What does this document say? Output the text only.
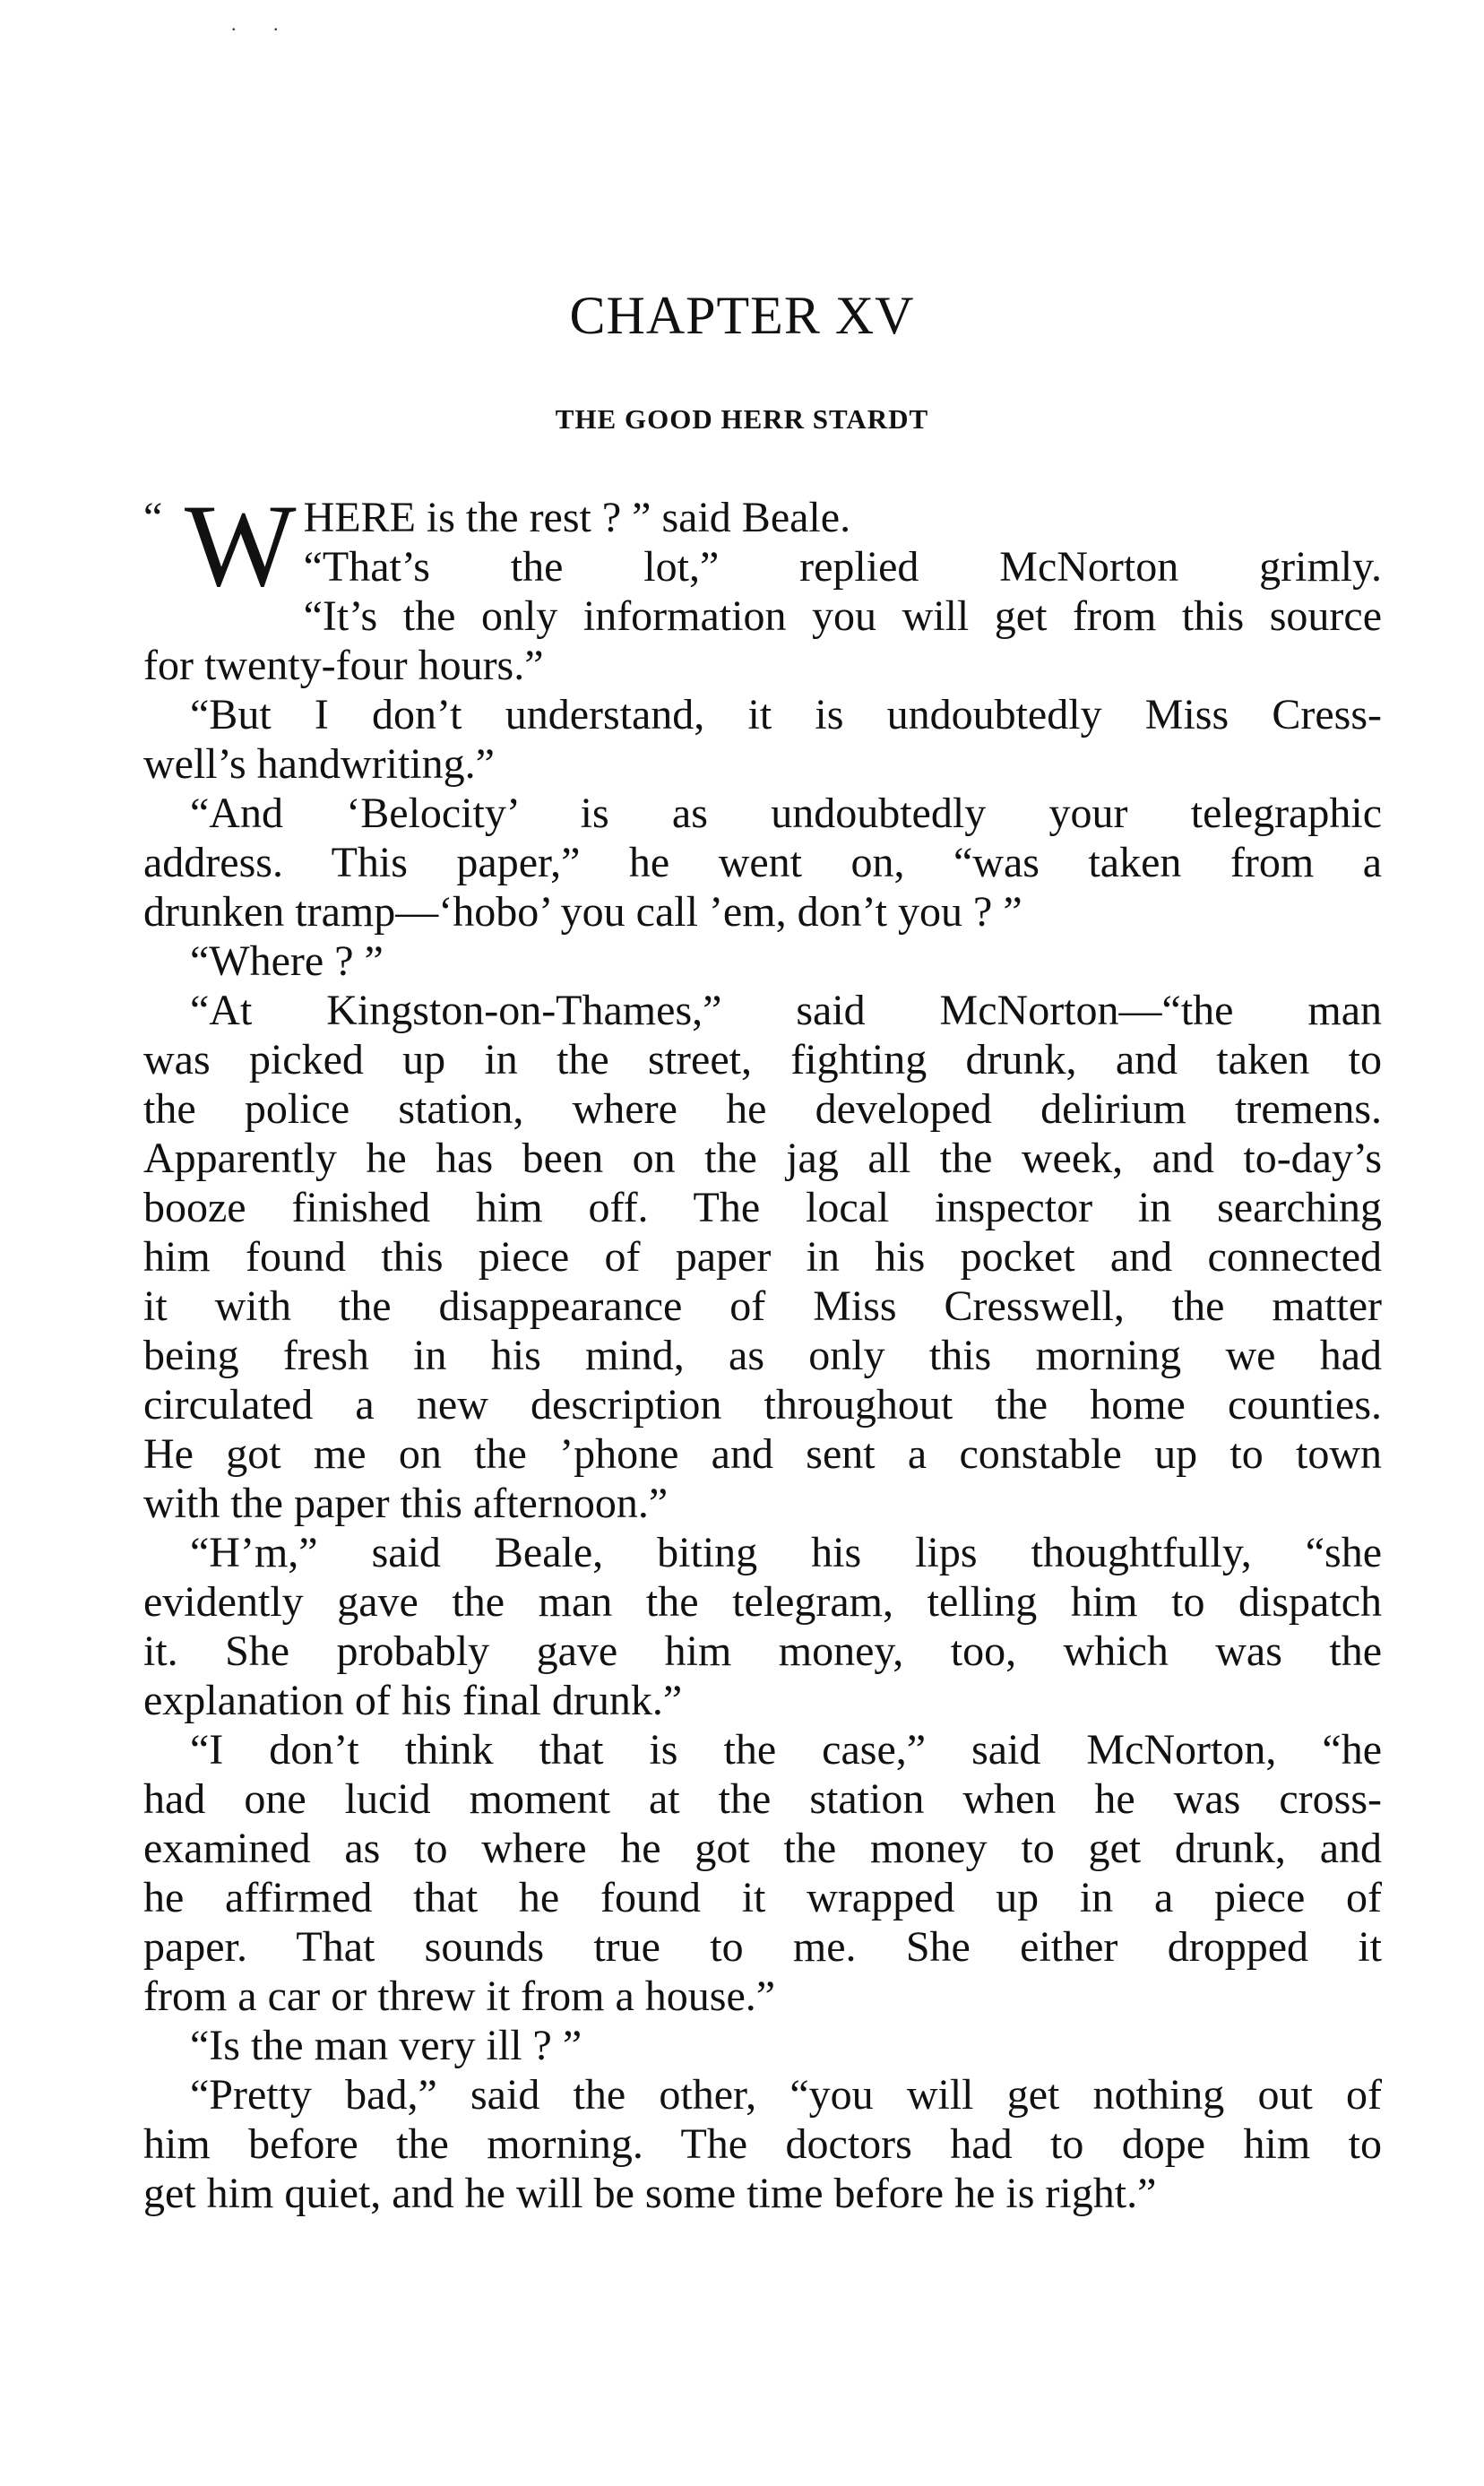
. .
CHAPTER XV
THE GOOD HERR STARDT
“ W HERE is the rest ? ” said Beale.
“That’s the lot,” replied McNorton grimly.
“It’s the only information you will get from this source
for twenty-four hours.”
“But I don’t understand, it is undoubtedly Miss Cress-
well’s handwriting.”
“And ‘Belocity’ is as undoubtedly your telegraphic
address. This paper,” he went on, “was taken from a
drunken tramp—‘hobo’ you call ’em, don’t you ? ”
“Where ? ”
“At Kingston-on-Thames,” said McNorton—“the man
was picked up in the street, fighting drunk, and taken to
the police station, where he developed delirium tremens.
Apparently he has been on the jag all the week, and to-day’s
booze finished him off. The local inspector in searching
him found this piece of paper in his pocket and connected
it with the disappearance of Miss Cresswell, the matter
being fresh in his mind, as only this morning we had
circulated a new description throughout the home counties.
He got me on the ’phone and sent a constable up to town
with the paper this afternoon.”
“H’m,” said Beale, biting his lips thoughtfully, “she
evidently gave the man the telegram, telling him to dispatch
it. She probably gave him money, too, which was the
explanation of his final drunk.”
“I don’t think that is the case,” said McNorton, “he
had one lucid moment at the station when he was cross-
examined as to where he got the money to get drunk, and
he affirmed that he found it wrapped up in a piece of
paper. That sounds true to me. She either dropped it
from a car or threw it from a house.”
“Is the man very ill ? ”
“Pretty bad,” said the other, “you will get nothing out of
him before the morning. The doctors had to dope him to
get him quiet, and he will be some time before he is right.”
